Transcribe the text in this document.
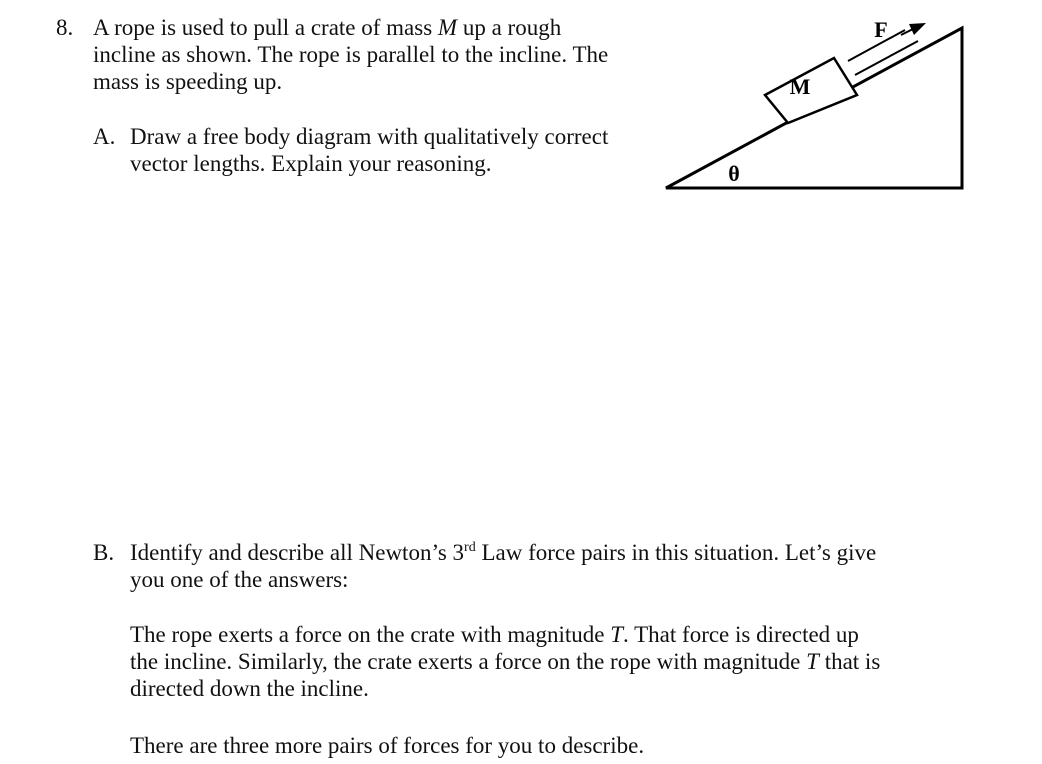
8. A rope is used to pull a crate of mass M up a rough
incline as shown. The rope is parallel to the incline. The
mass is speeding up.
A. Draw a free body diagram with qualitatively correct
vector lengths. Explain your reasoning.
M
F
θ
B. Identify and describe all Newton’s 3rd Law force pairs in this situation. Let’s give
you one of the answers:
The rope exerts a force on the crate with magnitude T. That force is directed up
the incline. Similarly, the crate exerts a force on the rope with magnitude T that is
directed down the incline.
There are three more pairs of forces for you to describe.
